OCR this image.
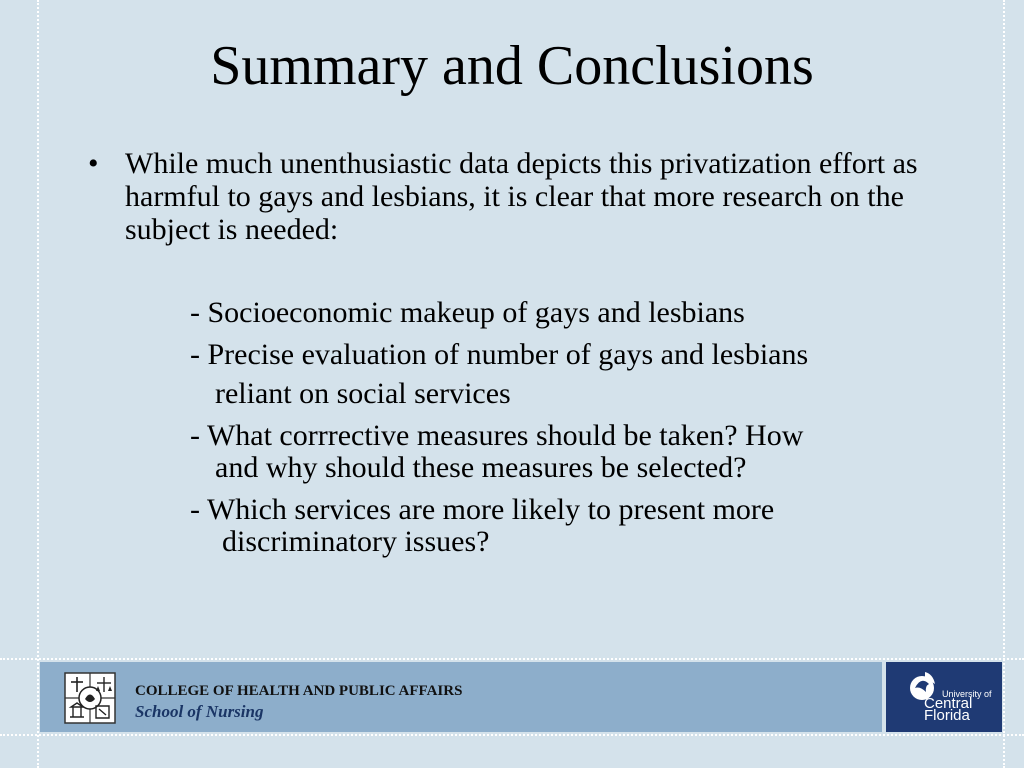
Summary and Conclusions
• While much unenthusiastic data depicts this privatization effort as harmful to gays and lesbians, it is clear that more research on the subject is needed:
- Socioeconomic makeup of gays and lesbians
- Precise evaluation of number of gays and lesbians
reliant on social services
- What corrrective measures should be taken? How
and why should these measures be selected?
- Which services are more likely to present more
discriminatory issues?
COLLEGE OF HEALTH AND PUBLIC AFFAIRS
School of Nursing
University of
Central
Florida
